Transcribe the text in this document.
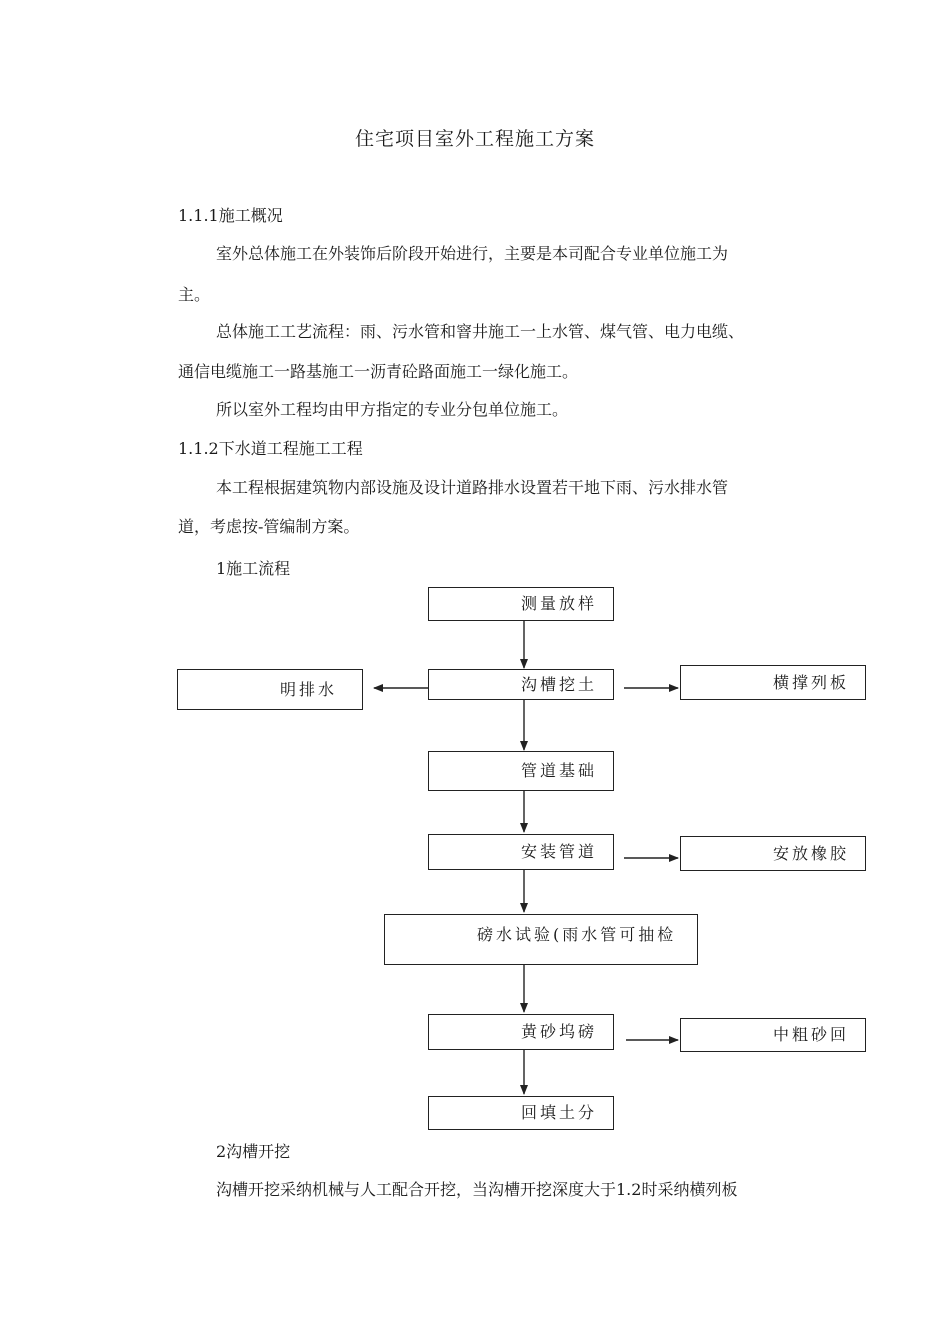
住宅项目室外工程施工方案
1.1.1施工概况
室外总体施工在外装饰后阶段开始进行，主要是本司配合专业单位施工为
主。
总体施工工艺流程：雨、污水管和窨井施工一上水管、煤气管、电力电缆、
通信电缆施工一路基施工一沥青砼路面施工一绿化施工。
所以室外工程均由甲方指定的专业分包单位施工。
1.1.2下水道工程施工工程
本工程根据建筑物内部设施及设计道路排水设置若干地下雨、污水排水管
道，考虑按-管编制方案。
1施工流程
测量放样
明排水	沟槽挖土	横撑列板
管道基础
安装管道	安放橡胶
磅水试验(雨水管可抽检
黄砂坞磅	中粗砂回
回填土分
2沟槽开挖
沟槽开挖采纳机械与人工配合开挖，当沟槽开挖深度大于1.2时采纳横列板
